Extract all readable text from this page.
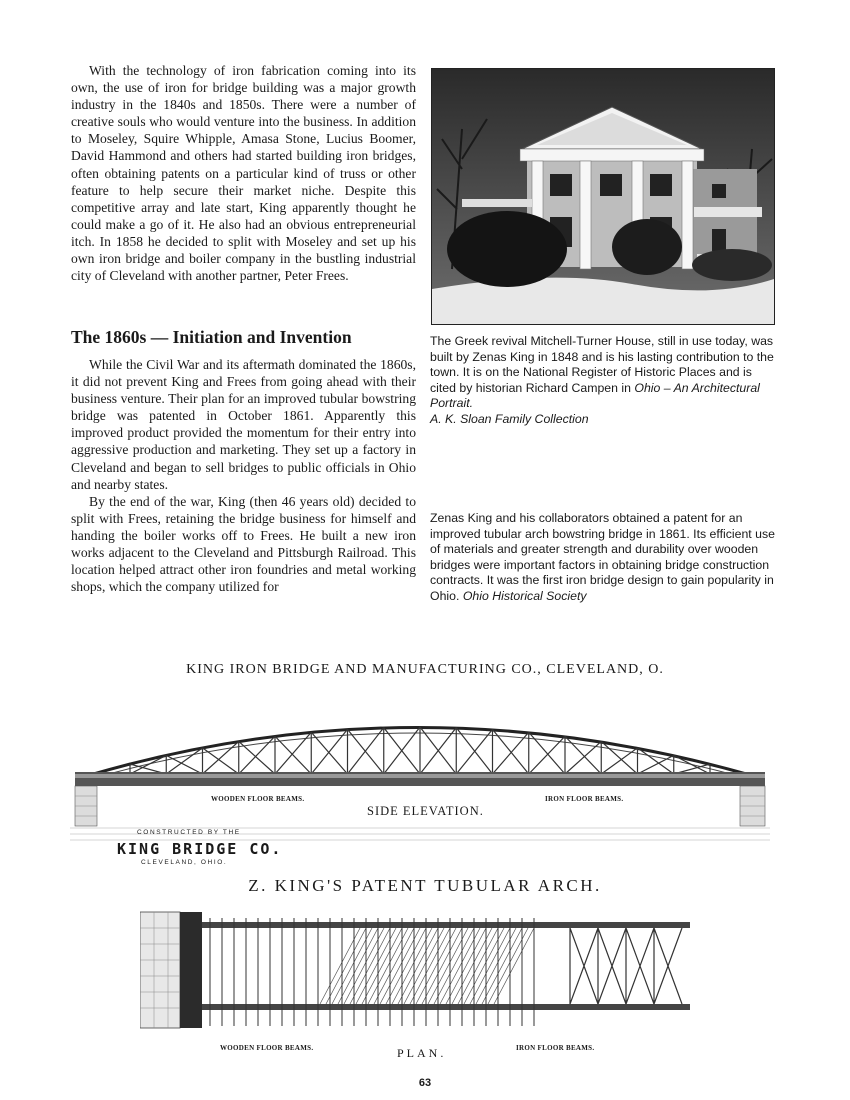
With the technology of iron fabrication coming into its own, the use of iron for bridge building was a major growth industry in the 1840s and 1850s. There were a number of creative souls who would venture into the business. In addition to Moseley, Squire Whipple, Amasa Stone, Lucius Boomer, David Hammond and others had started building iron bridges, often obtaining patents on a particular kind of truss or other feature to help secure their market niche. Despite this competitive array and late start, King apparently thought he could make a go of it. He also had an obvious entrepreneurial itch. In 1858 he decided to split with Moseley and set up his own iron bridge and boiler company in the bustling industrial city of Cleveland with another partner, Peter Frees.

The 1860s — Initiation and Invention

While the Civil War and its aftermath dominated the 1860s, it did not prevent King and Frees from going ahead with their business venture. Their plan for an improved tubular bowstring bridge was patented in October 1861. Apparently this improved product provided the momentum for their entry into aggressive production and marketing. They set up a factory in Cleveland and began to sell bridges to public officials in Ohio and nearby states.

By the end of the war, King (then 46 years old) decided to split with Frees, retaining the bridge business for himself and handing the boiler works off to Frees. He built a new iron works adjacent to the Cleveland and Pittsburgh Railroad. This location helped attract other iron foundries and metal working shops, which the company utilized for

The Greek revival Mitchell-Turner House, still in use today, was built by Zenas King in 1848 and is his lasting contribution to the town. It is on the National Register of Historic Places and is cited by historian Richard Campen in Ohio – An Architectural Portrait.
A. K. Sloan Family Collection
Zenas King and his collaborators obtained a patent for an improved tubular arch bowstring bridge in 1861. Its efficient use of materials and greater strength and durability over wooden bridges were important factors in obtaining bridge construction contracts. It was the first iron bridge design to gain popularity in Ohio. Ohio Historical Society
KING IRON BRIDGE AND MANUFACTURING CO., CLEVELAND, O.
WOODEN FLOOR BEAMS.	IRON FLOOR BEAMS.
SIDE ELEVATION.
CONSTRUCTED BY THE
KING BRIDGE CO.
CLEVELAND, OHIO.
Z. KING'S PATENT TUBULAR ARCH.
WOODEN FLOOR BEAMS.	IRON FLOOR BEAMS.
PLAN.
63
